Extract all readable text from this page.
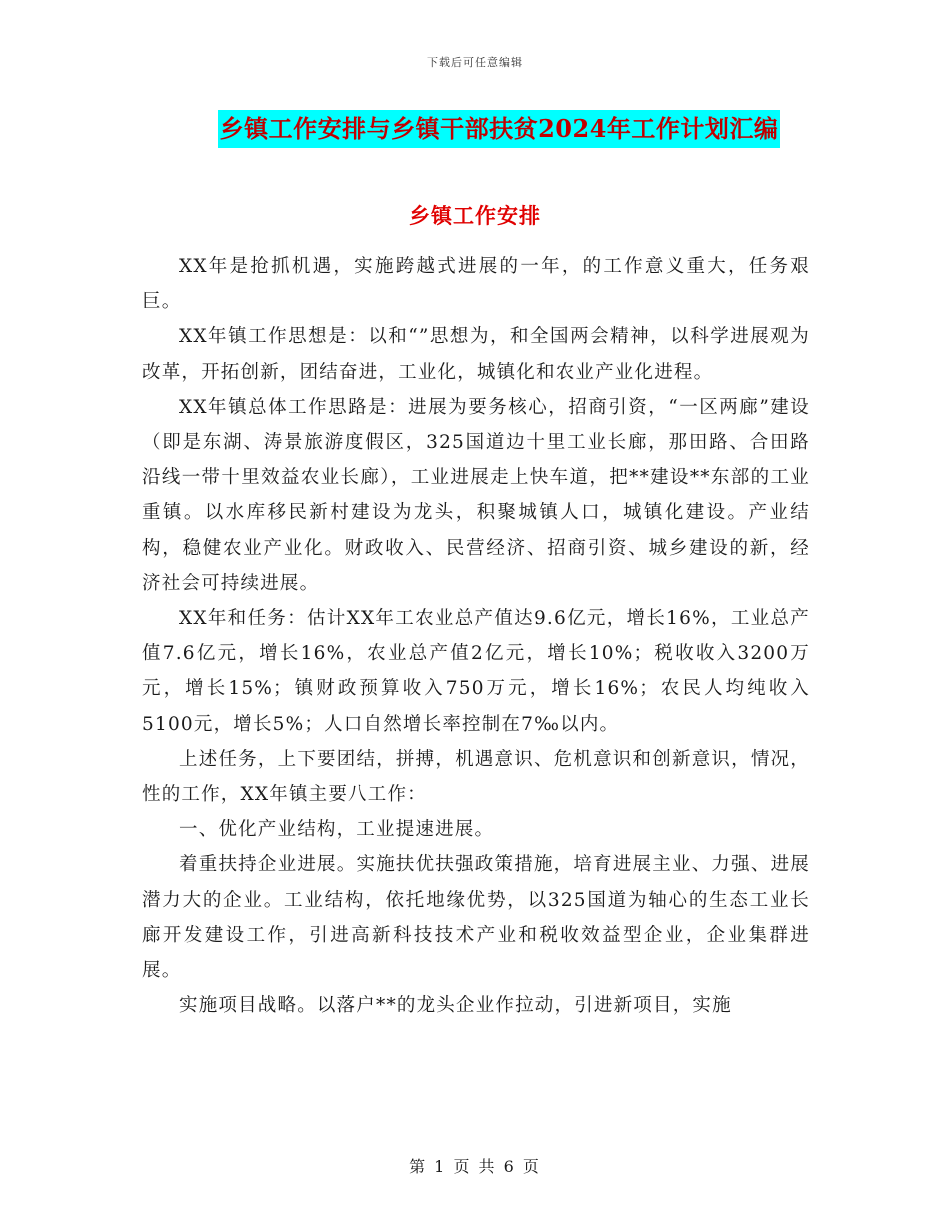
下载后可任意编辑
乡镇工作安排与乡镇干部扶贫2024年工作计划汇编
乡镇工作安排

XX年是抢抓机遇，实施跨越式进展的一年，的工作意义重大，任务艰巨。

XX年镇工作思想是：以和“”思想为，和全国两会精神，以科学进展观为改革，开拓创新，团结奋进，工业化，城镇化和农业产业化进程。

XX年镇总体工作思路是：进展为要务核心，招商引资，“一区两廊”建设（即是东湖、涛景旅游度假区，325国道边十里工业长廊，那田路、合田路沿线一带十里效益农业长廊），工业进展走上快车道，把**建设**东部的工业重镇。以水库移民新村建设为龙头，积聚城镇人口，城镇化建设。产业结构，稳健农业产业化。财政收入、民营经济、招商引资、城乡建设的新，经济社会可持续进展。

XX年和任务：估计XX年工农业总产值达9.6亿元，增长16%，工业总产值7.6亿元，增长16%，农业总产值2亿元，增长10%；税收收入3200万元，增长15%；镇财政预算收入750万元，增长16%；农民人均纯收入5100元，增长5%；人口自然增长率控制在7‰以内。

上述任务，上下要团结，拼搏，机遇意识、危机意识和创新意识，情况，性的工作，XX年镇主要八工作：

一、优化产业结构，工业提速进展。

着重扶持企业进展。实施扶优扶强政策措施，培育进展主业、力强、进展潜力大的企业。工业结构，依托地缘优势，以325国道为轴心的生态工业长廊开发建设工作，引进高新科技技术产业和税收效益型企业，企业集群进展。

实施项目战略。以落户**的龙头企业作拉动，引进新项目，实施

第 1 页 共 6 页
